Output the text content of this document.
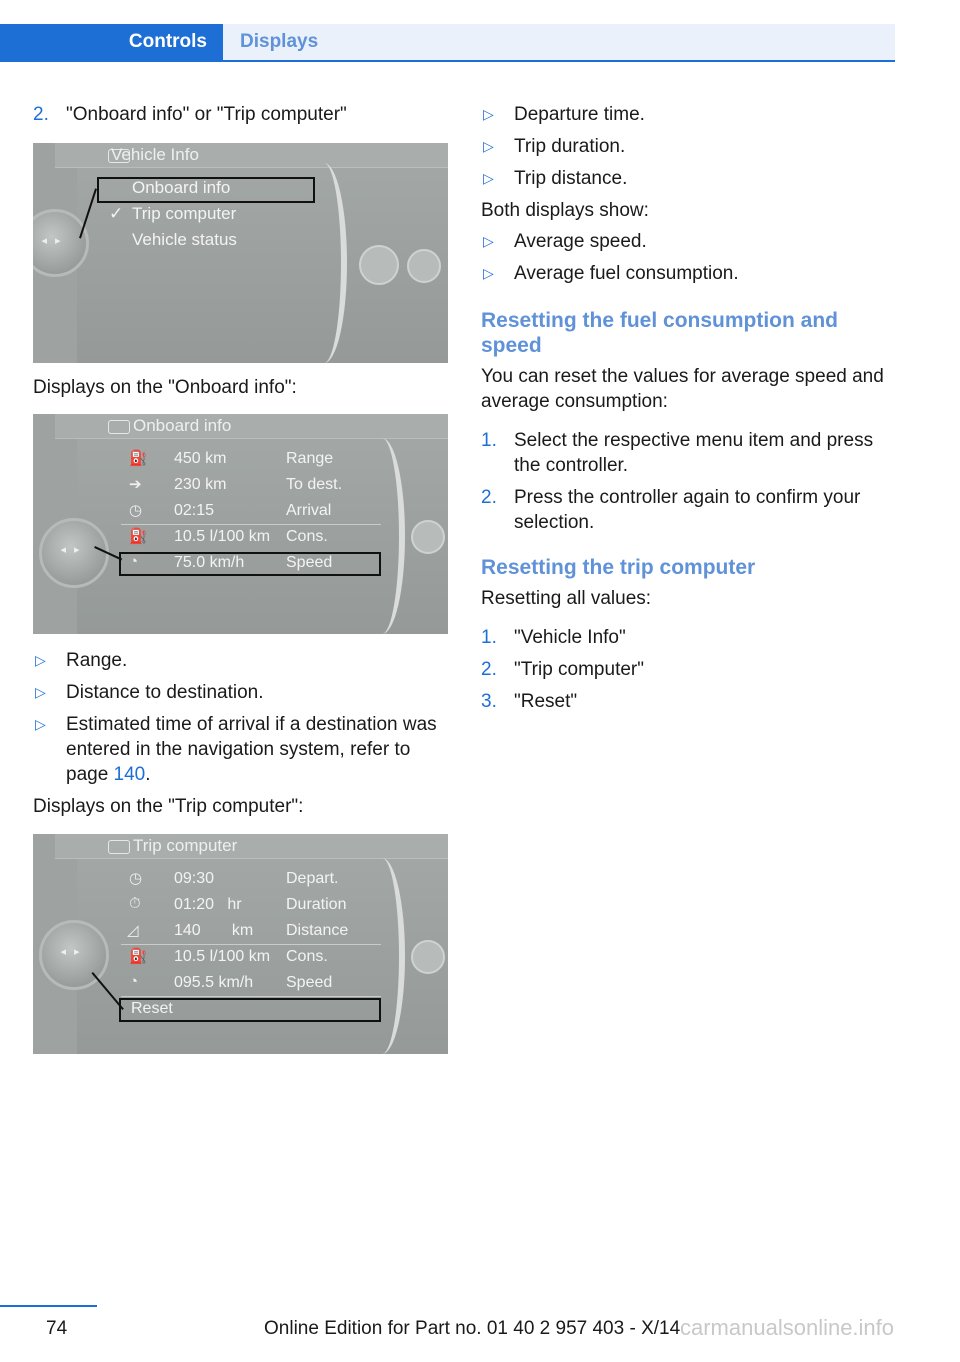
Controls	Displays
2. "Onboard info" or "Trip computer"
Vehicle Info
◂▸
Onboard info
✓ Trip computer
Vehicle status

Displays on the "Onboard info":

Onboard info
◂▸
⛽ 450 km	Range
➔ 230 km	To dest.
◷ 02:15	Arrival
⛽ 10.5 l/100 km Cons.
◔ 75.0 km/h	Speed
▷ Range.
▷ Distance to destination.
▷ Estimated time of arrival if a destination was entered in the navigation system, refer to page 140.

Displays on the "Trip computer":

Trip computer
◂▸
◷ 09:30	Depart.
⏱ 01:20   hr	Duration
◿ 140       km Distance
⛽ 10.5 l/100 km Cons.
◔ 095.5 km/h Speed
Reset
▷ Departure time.
▷ Trip duration.
▷ Trip distance.

Both displays show:

▷ Average speed.
▷ Average fuel consumption.
Resetting the fuel consumption and speed

You can reset the values for average speed and average consumption:

1. Select the respective menu item and press the controller.
2. Press the controller again to confirm your selection.
Resetting the trip computer

Resetting all values:

1. "Vehicle Info"
2. "Trip computer"
3. "Reset"
74	Online Edition for Part no. 01 40 2 957 403 - X/14 carmanualsonline.info
